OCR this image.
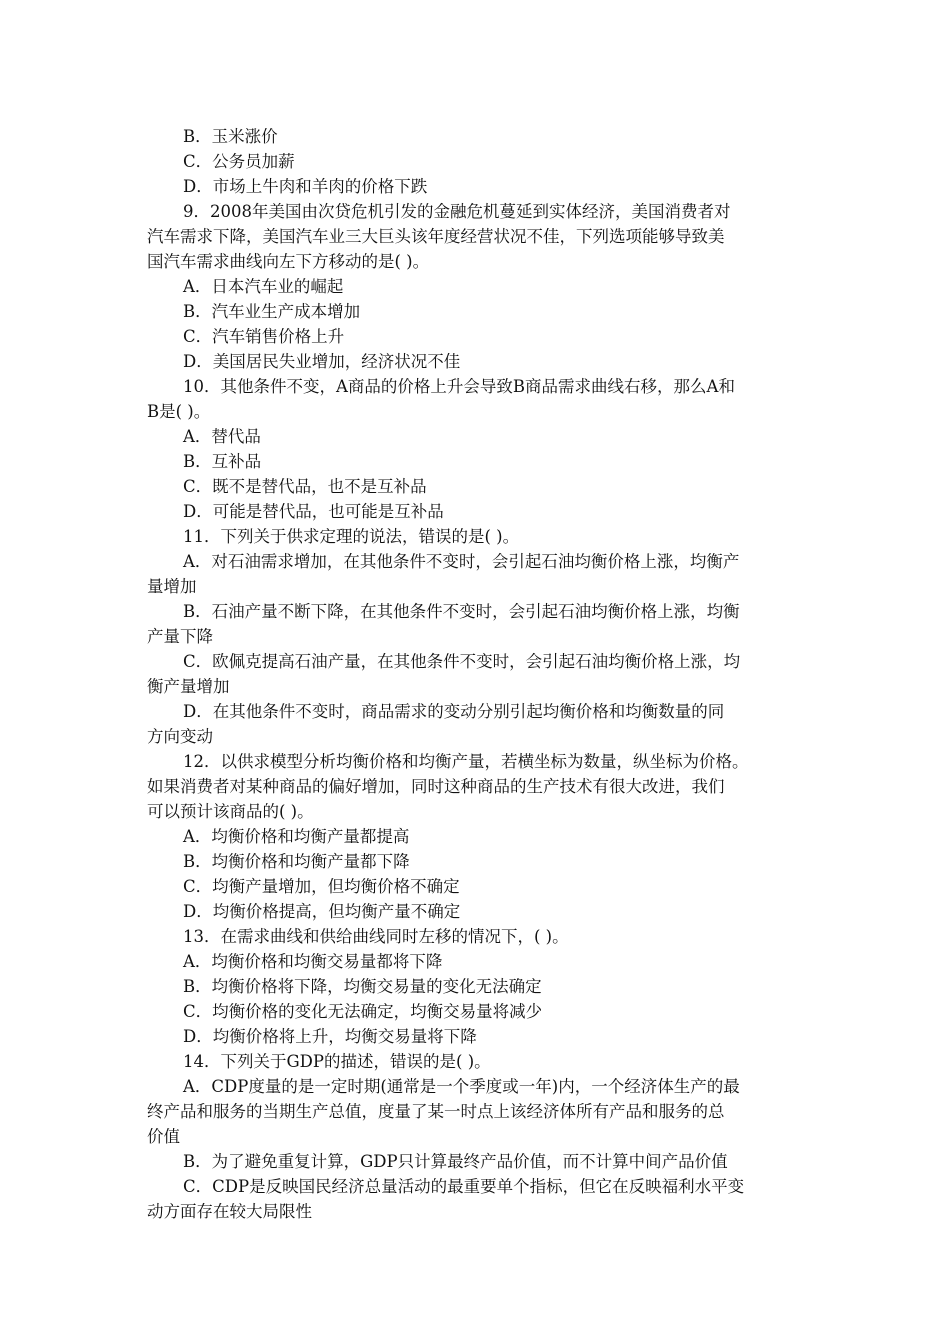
B．玉米涨价
C．公务员加薪
D．市场上牛肉和羊肉的价格下跌
9．2008年美国由次贷危机引发的金融危机蔓延到实体经济，美国消费者对
汽车需求下降，美国汽车业三大巨头该年度经营状况不佳，下列选项能够导致美
国汽车需求曲线向左下方移动的是( )。
A．日本汽车业的崛起
B．汽车业生产成本增加
C．汽车销售价格上升
D．美国居民失业增加，经济状况不佳
10．其他条件不变，A商品的价格上升会导致B商品需求曲线右移，那么A和
B是( )。
A．替代品
B．互补品
C．既不是替代品，也不是互补品
D．可能是替代品，也可能是互补品
11．下列关于供求定理的说法，错误的是( )。
A．对石油需求增加，在其他条件不变时，会引起石油均衡价格上涨，均衡产
量增加
B．石油产量不断下降，在其他条件不变时，会引起石油均衡价格上涨，均衡
产量下降
C．欧佩克提高石油产量，在其他条件不变时，会引起石油均衡价格上涨，均
衡产量增加
D．在其他条件不变时，商品需求的变动分别引起均衡价格和均衡数量的同
方向变动
12．以供求模型分析均衡价格和均衡产量，若横坐标为数量，纵坐标为价格。
如果消费者对某种商品的偏好增加，同时这种商品的生产技术有很大改进，我们
可以预计该商品的( )。
A．均衡价格和均衡产量都提高
B．均衡价格和均衡产量都下降
C．均衡产量增加，但均衡价格不确定
D．均衡价格提高，但均衡产量不确定
13．在需求曲线和供给曲线同时左移的情况下，( )。
A．均衡价格和均衡交易量都将下降
B．均衡价格将下降，均衡交易量的变化无法确定
C．均衡价格的变化无法确定，均衡交易量将减少
D．均衡价格将上升，均衡交易量将下降
14．下列关于GDP的描述，错误的是( )。
A．CDP度量的是一定时期(通常是一个季度或一年)内，一个经济体生产的最
终产品和服务的当期生产总值，度量了某一时点上该经济体所有产品和服务的总
价值
B．为了避免重复计算，GDP只计算最终产品价值，而不计算中间产品价值
C．CDP是反映国民经济总量活动的最重要单个指标，但它在反映福利水平变
动方面存在较大局限性
